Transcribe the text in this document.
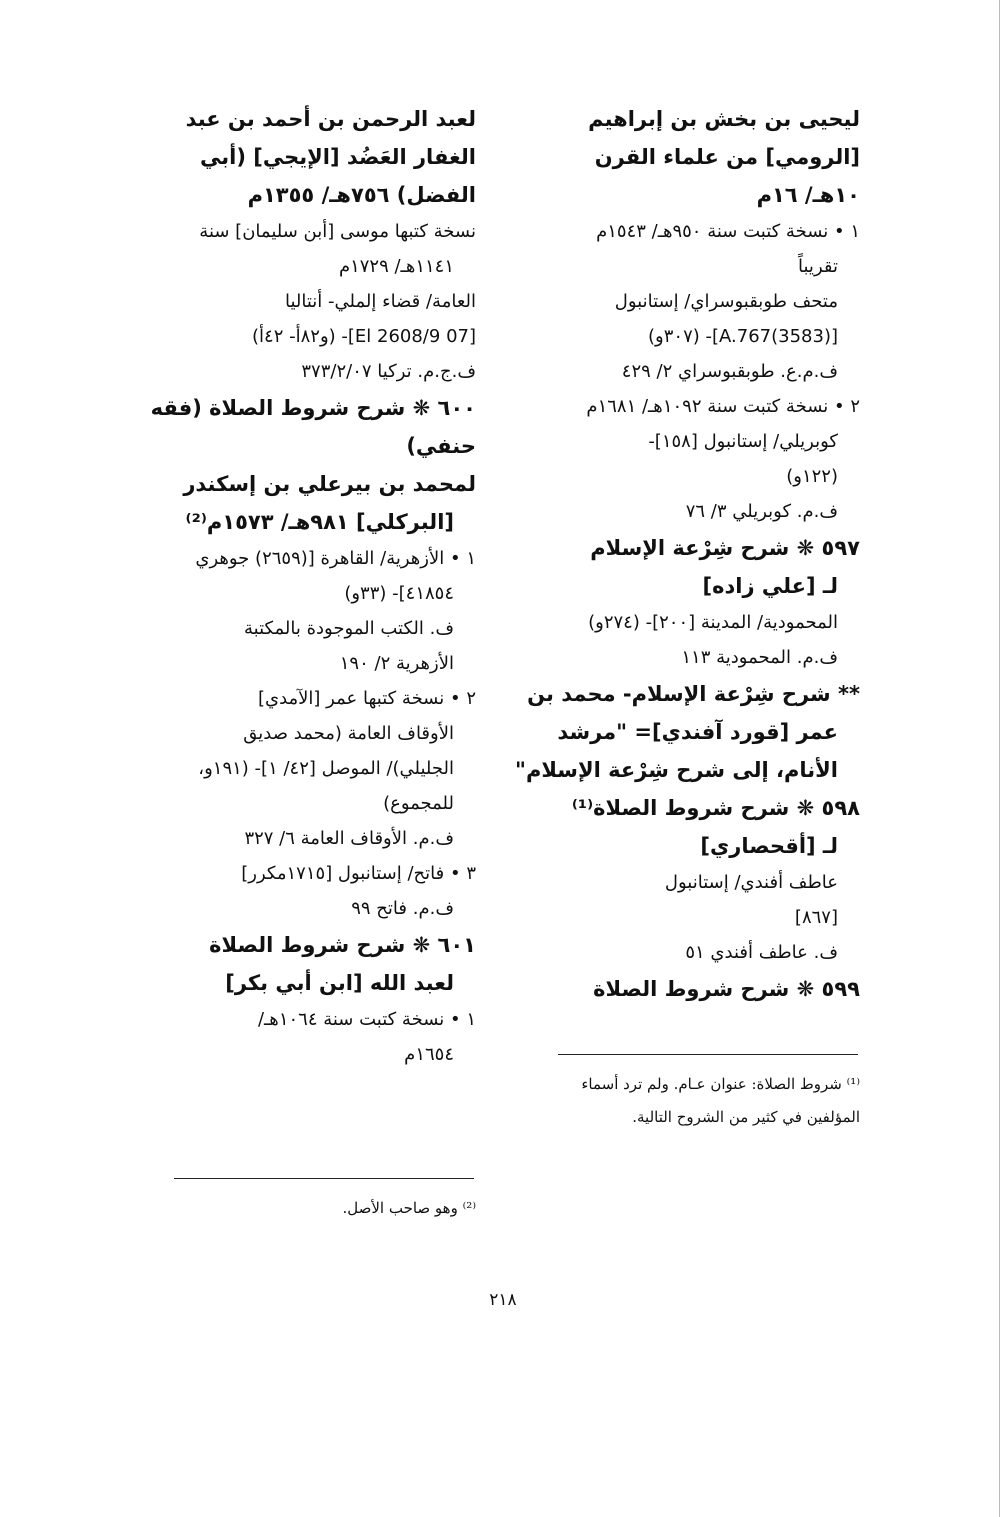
ليحيى بن بخش بن إبراهيم
[الرومي] من علماء القرن
١٠هـ/ ١٦م
١ • نسخة كتبت سنة ٩٥٠هـ/ ١٥٤٣م
تقريباً
متحف طوبقبوسراي/ إستانبول
[A.767(3583)]- (٣٠٧و)
ف.م.ع. طوبقبوسراي ٢/ ٤٢٩
٢ • نسخة كتبت سنة ١٠٩٢هـ/ ١٦٨١م
كوبريلي/ إستانبول [١٥٨]-
(١٢٢و)
ف.م. كوبريلي ٣/ ٧٦
٥٩٧ ❋ شرح شِرْعة الإسلام
لـ [علي زاده]
المحمودية/ المدينة [٢٠٠]- (٢٧٤و)
ف.م. المحمودية ١١٣
** شرح شِرْعة الإسلام- محمد بن
عمر [قورد آفندي]= "مرشد
الأنام، إلى شرح شِرْعة الإسلام"
٥٩٨ ❋ شرح شروط الصلاة⁽¹⁾
لـ [أقحصاري]
عاطف أفندي/ إستانبول
[٨٦٧]
ف. عاطف أفندي ٥١
٥٩٩ ❋ شرح شروط الصلاة
لعبد الرحمن بن أحمد بن عبد
الغفار العَضُد [الإيجي] (أبي
الفضل) ٧٥٦هـ/ ١٣٥٥م
نسخة كتبها موسى [أبن سليمان] سنة
١١٤١هـ/ ١٧٢٩م
العامة/ قضاء إلملي- أنتاليا
[07 El 2608/9]- (و٨٢أ- ٤٢أ)
ف.ج.م. تركيا ٣٧٣/٢/٠٧
٦٠٠ ❋ شرح شروط الصلاة (فقه
حنفي)
لمحمد بن بيرعلي بن إسكندر
[البركلي] ٩٨١هـ/ ١٥٧٣م⁽²⁾
١ • الأزهرية/ القاهرة [(٢٦٥٩) جوهري
٤١٨٥٤]- (٣٣و)
ف. الكتب الموجودة بالمكتبة
الأزهرية ٢/ ١٩٠
٢ • نسخة كتبها عمر [الآمدي]
الأوقاف العامة (محمد صديق
الجليلي)/ الموصل [٤٢/ ١]- (١٩١و،
للمجموع)
ف.م. الأوقاف العامة ٦/ ٣٢٧
٣ • فاتح/ إستانبول [١٧١٥مكرر]
ف.م. فاتح ٩٩
٦٠١ ❋ شرح شروط الصلاة
لعبد الله [ابن أبي بكر]
١ • نسخة كتبت سنة ١٠٦٤هـ/
١٦٥٤م
⁽¹⁾ شروط الصلاة: عنوان عـام. ولم ترد أسماء
المؤلفين في كثير من الشروح التالية.
⁽²⁾ وهو صاحب الأصل.
٢١٨
